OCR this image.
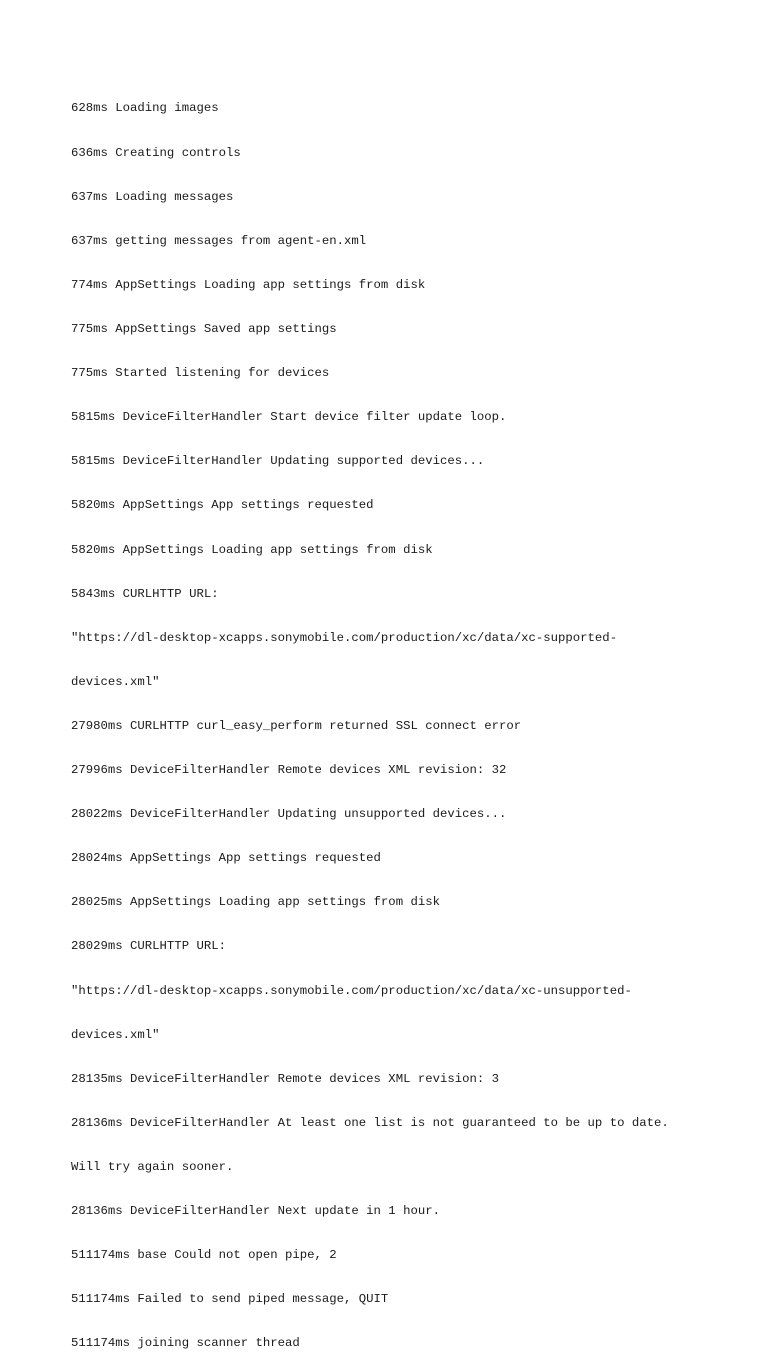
628ms Loading images

636ms Creating controls

637ms Loading messages

637ms getting messages from agent-en.xml

774ms AppSettings Loading app settings from disk

775ms AppSettings Saved app settings

775ms Started listening for devices

5815ms DeviceFilterHandler Start device filter update loop.

5815ms DeviceFilterHandler Updating supported devices...

5820ms AppSettings App settings requested

5820ms AppSettings Loading app settings from disk

5843ms CURLHTTP URL:

"https://dl-desktop-xcapps.sonymobile.com/production/xc/data/xc-supported-

devices.xml"

27980ms CURLHTTP curl_easy_perform returned SSL connect error

27996ms DeviceFilterHandler Remote devices XML revision: 32

28022ms DeviceFilterHandler Updating unsupported devices...

28024ms AppSettings App settings requested

28025ms AppSettings Loading app settings from disk

28029ms CURLHTTP URL:

"https://dl-desktop-xcapps.sonymobile.com/production/xc/data/xc-unsupported-

devices.xml"

28135ms DeviceFilterHandler Remote devices XML revision: 3

28136ms DeviceFilterHandler At least one list is not guaranteed to be up to date.

Will try again sooner.

28136ms DeviceFilterHandler Next update in 1 hour.

511174ms base Could not open pipe, 2

511174ms Failed to send piped message, QUIT

511174ms joining scanner thread
